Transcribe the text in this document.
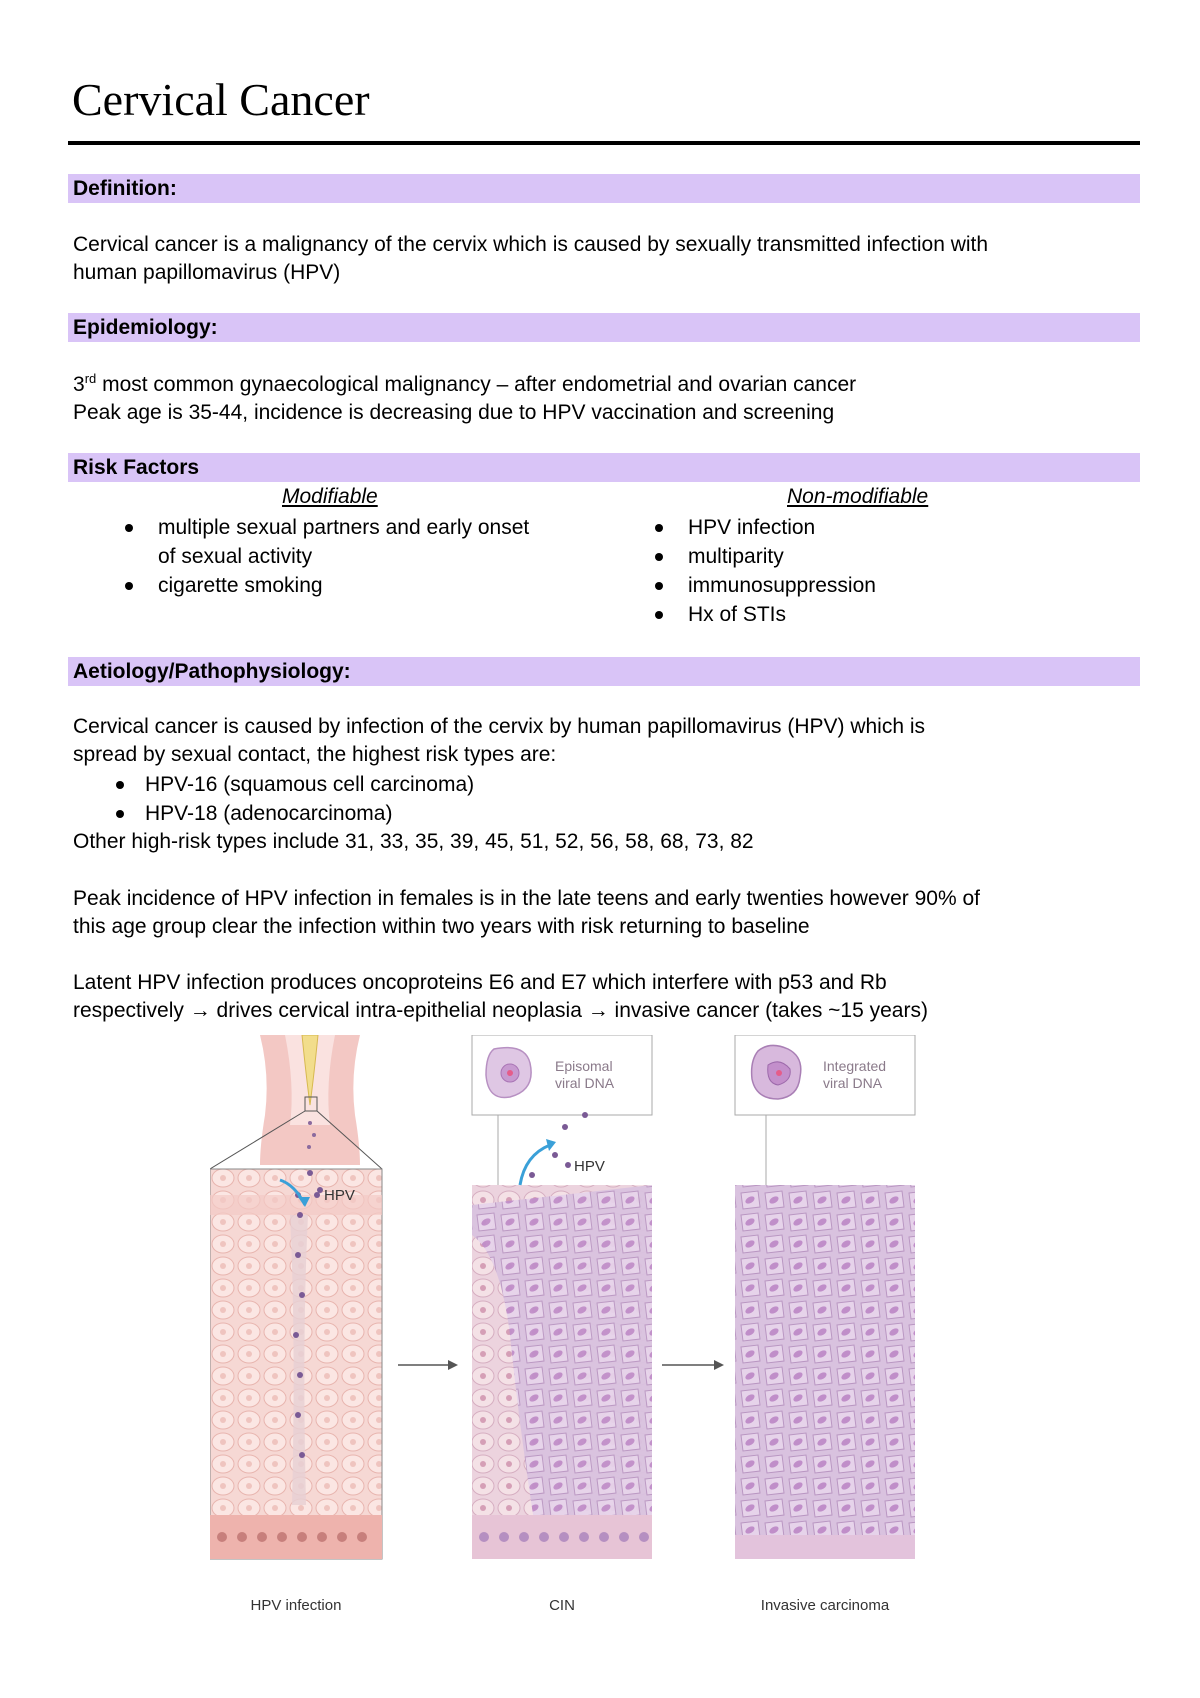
Cervical Cancer
Definition:

Cervical cancer is a malignancy of the cervix which is caused by sexually transmitted infection with

human papillomavirus (HPV)

Epidemiology:

3rd most common gynaecological malignancy – after endometrial and ovarian cancer

Peak age is 35-44, incidence is decreasing due to HPV vaccination and screening

Risk Factors
Modifiable	Non-modifiable
multiple sexual partners and early onset
of sexual activity
cigarette smoking
HPV infection
multiparity
immunosuppression
Hx of STIs
Aetiology/Pathophysiology:

Cervical cancer is caused by infection of the cervix by human papillomavirus (HPV) which is

spread by sexual contact, the highest risk types are:

HPV-16 (squamous cell carcinoma)
HPV-18 (adenocarcinoma)

Other high-risk types include 31, 33, 35, 39, 45, 51, 52, 56, 58, 68, 73, 82

Peak incidence of HPV infection in females is in the late teens and early twenties however 90% of

this age group clear the infection within two years with risk returning to baseline

Latent HPV infection produces oncoproteins E6 and E7 which interfere with p53 and Rb

respectively → drives cervical intra-epithelial neoplasia → invasive cancer (takes ~15 years)

HPV
Episomal
viral DNA
HPV
Integrated
viral DNA
HPV infection	CIN	Invasive carcinoma
